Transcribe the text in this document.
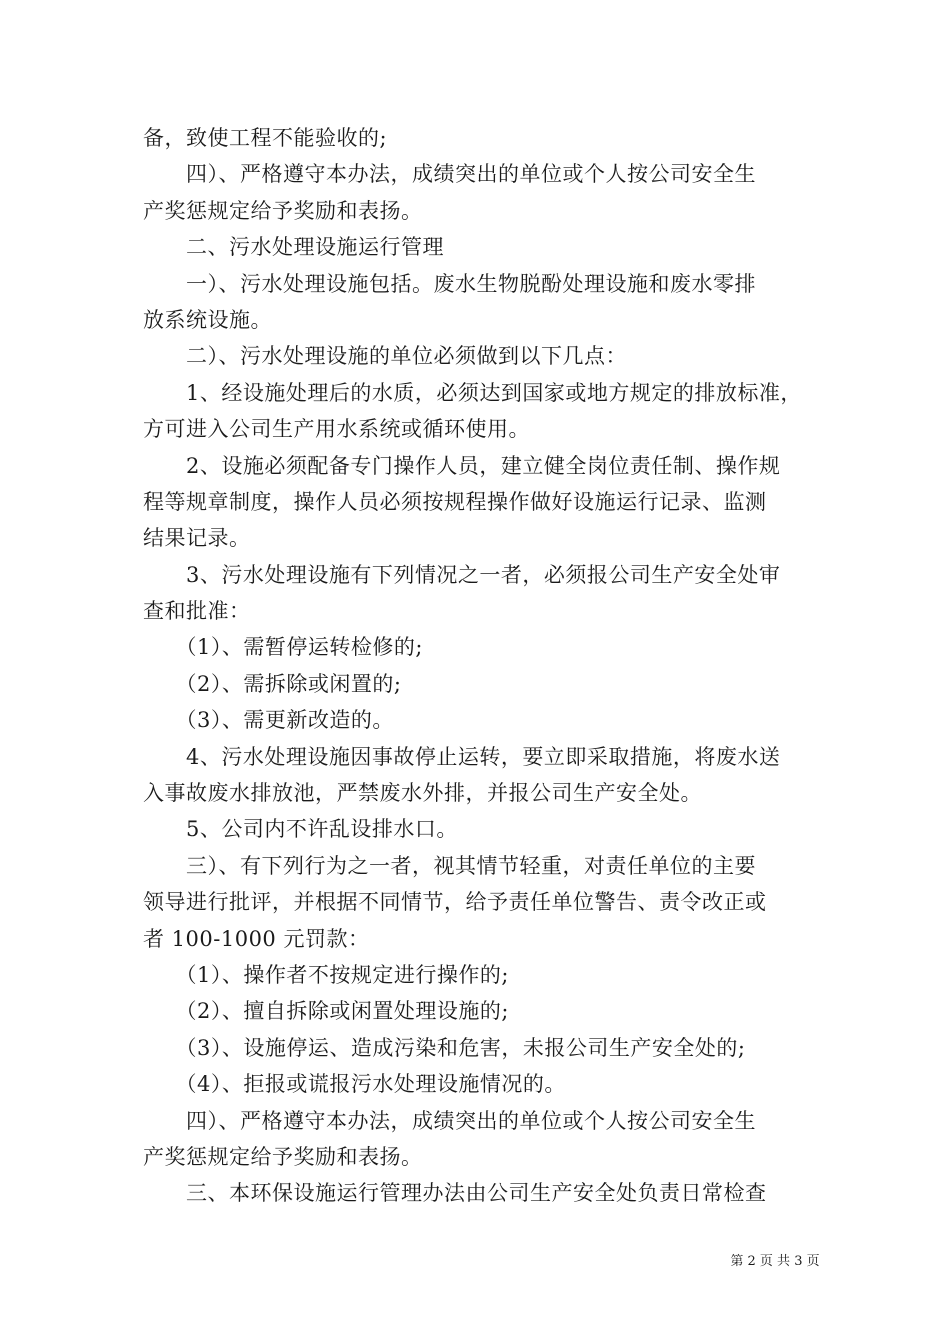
备，致使工程不能验收的;
　　四）、严格遵守本办法，成绩突出的单位或个人按公司安全生
产奖惩规定给予奖励和表扬。
　　二、污水处理设施运行管理
　　一）、污水处理设施包括。废水生物脱酚处理设施和废水零排
放系统设施。
　　二）、污水处理设施的单位必须做到以下几点：
　　1、经设施处理后的水质，必须达到国家或地方规定的排放标准，
方可进入公司生产用水系统或循环使用。
　　2、设施必须配备专门操作人员，建立健全岗位责任制、操作规
程等规章制度，操作人员必须按规程操作做好设施运行记录、监测
结果记录。
　　3、污水处理设施有下列情况之一者，必须报公司生产安全处审
查和批准：
　　（1）、需暂停运转检修的;
　　（2）、需拆除或闲置的;
　　（3）、需更新改造的。
　　4、污水处理设施因事故停止运转，要立即采取措施，将废水送
入事故废水排放池，严禁废水外排，并报公司生产安全处。
　　5、公司内不许乱设排水口。
　　三）、有下列行为之一者，视其情节轻重，对责任单位的主要
领导进行批评，并根据不同情节，给予责任单位警告、责令改正或
者 100-1000 元罚款：
　　（1）、操作者不按规定进行操作的;
　　（2）、擅自拆除或闲置处理设施的;
　　（3）、设施停运、造成污染和危害，未报公司生产安全处的;
　　（4）、拒报或谎报污水处理设施情况的。
　　四）、严格遵守本办法，成绩突出的单位或个人按公司安全生
产奖惩规定给予奖励和表扬。
　　三、本环保设施运行管理办法由公司生产安全处负责日常检查
第 2 页 共 3 页
